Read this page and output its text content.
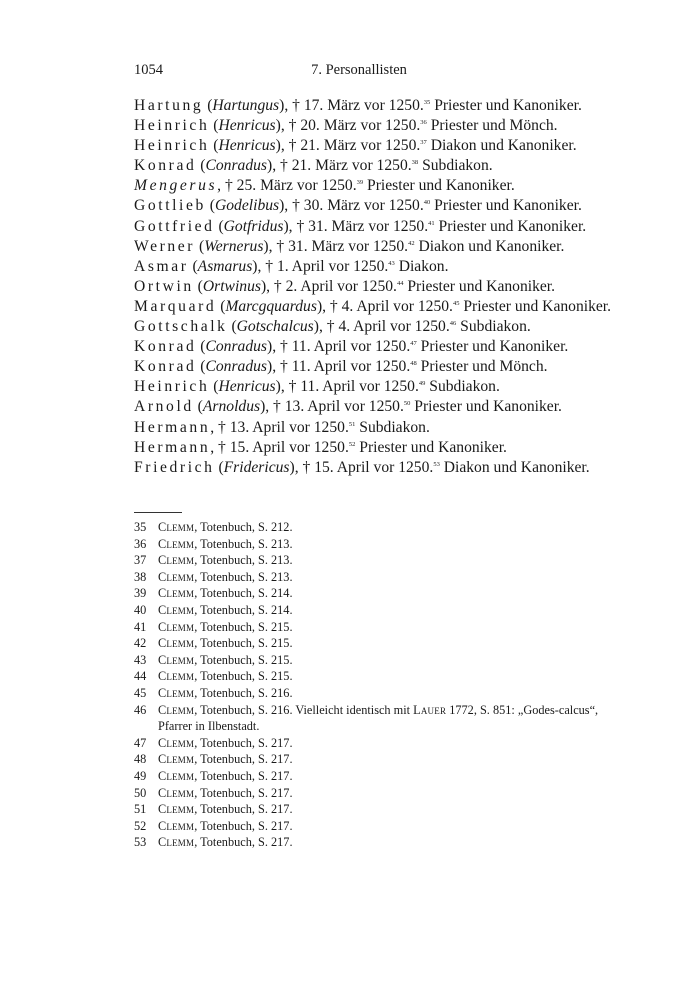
1054	7. Personallisten
Hartung (Hartungus), † 17. März vor 1250.35 Priester und Kanoniker.
Heinrich (Henricus), † 20. März vor 1250.36 Priester und Mönch.
Heinrich (Henricus), † 21. März vor 1250.37 Diakon und Kanoniker.
Konrad (Conradus), † 21. März vor 1250.38 Subdiakon.
Mengerus, † 25. März vor 1250.39 Priester und Kanoniker.
Gottlieb (Godelibus), † 30. März vor 1250.40 Priester und Kanoniker.
Gottfried (Gotfridus), † 31. März vor 1250.41 Priester und Kanoniker.
Werner (Wernerus), † 31. März vor 1250.42 Diakon und Kanoniker.
Asmar (Asmarus), † 1. April vor 1250.43 Diakon.
Ortwin (Ortwinus), † 2. April vor 1250.44 Priester und Kanoniker.
Marquard (Marcgquardus), † 4. April vor 1250.45 Priester und Kanoniker.
Gottschalk (Gotschalcus), † 4. April vor 1250.46 Subdiakon.
Konrad (Conradus), † 11. April vor 1250.47 Priester und Kanoniker.
Konrad (Conradus), † 11. April vor 1250.48 Priester und Mönch.
Heinrich (Henricus), † 11. April vor 1250.49 Subdiakon.
Arnold (Arnoldus), † 13. April vor 1250.50 Priester und Kanoniker.
Hermann, † 13. April vor 1250.51 Subdiakon.
Hermann, † 15. April vor 1250.52 Priester und Kanoniker.
Friedrich (Fridericus), † 15. April vor 1250.53 Diakon und Kanoniker.
35 Clemm, Totenbuch, S. 212.
36 Clemm, Totenbuch, S. 213.
37 Clemm, Totenbuch, S. 213.
38 Clemm, Totenbuch, S. 213.
39 Clemm, Totenbuch, S. 214.
40 Clemm, Totenbuch, S. 214.
41 Clemm, Totenbuch, S. 215.
42 Clemm, Totenbuch, S. 215.
43 Clemm, Totenbuch, S. 215.
44 Clemm, Totenbuch, S. 215.
45 Clemm, Totenbuch, S. 216.
46 Clemm, Totenbuch, S. 216. Vielleicht identisch mit Lauer 1772, S. 851: „Godes-calcus“, Pfarrer in Ilbenstadt.
47 Clemm, Totenbuch, S. 217.
48 Clemm, Totenbuch, S. 217.
49 Clemm, Totenbuch, S. 217.
50 Clemm, Totenbuch, S. 217.
51 Clemm, Totenbuch, S. 217.
52 Clemm, Totenbuch, S. 217.
53 Clemm, Totenbuch, S. 217.
